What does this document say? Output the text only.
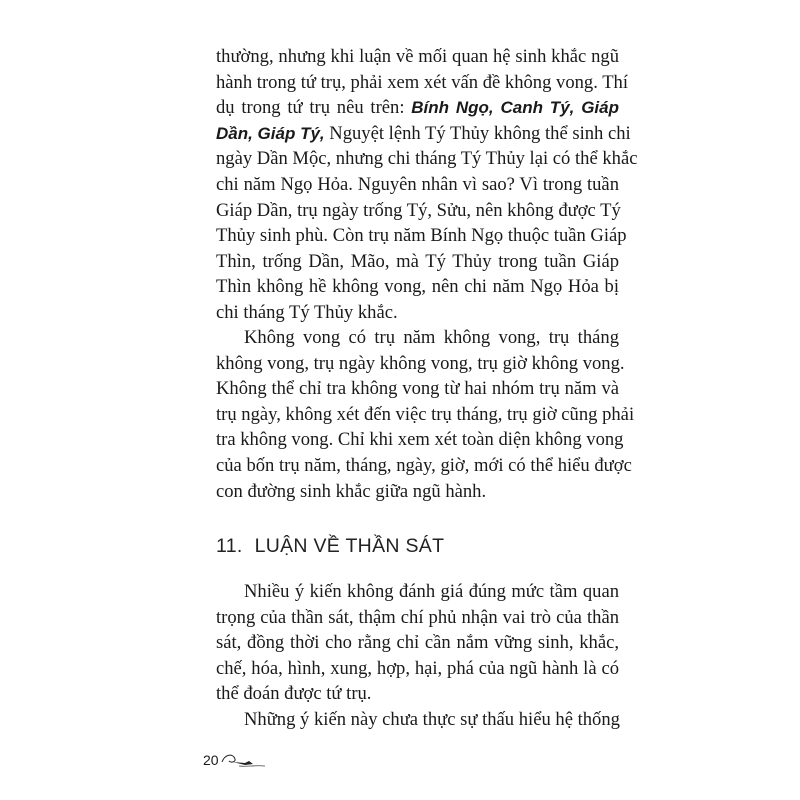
thường, nhưng khi luận về mối quan hệ sinh khắc ngũ
hành trong tứ trụ, phải xem xét vấn đề không vong. Thí
dụ trong tứ trụ nêu trên: Bính Ngọ, Canh Tý, Giáp
Dần, Giáp Tý, Nguyệt lệnh Tý Thủy không thể sinh chi
ngày Dần Mộc, nhưng chi tháng Tý Thủy lại có thể khắc
chi năm Ngọ Hỏa. Nguyên nhân vì sao? Vì trong tuần
Giáp Dần, trụ ngày trống Tý, Sửu, nên không được Tý
Thủy sinh phù. Còn trụ năm Bính Ngọ thuộc tuần Giáp
Thìn, trống Dần, Mão, mà Tý Thủy trong tuần Giáp
Thìn không hề không vong, nên chi năm Ngọ Hỏa bị
chi tháng Tý Thủy khắc.
Không vong có trụ năm không vong, trụ tháng
không vong, trụ ngày không vong, trụ giờ không vong.
Không thể chỉ tra không vong từ hai nhóm trụ năm và
trụ ngày, không xét đến việc trụ tháng, trụ giờ cũng phải
tra không vong. Chỉ khi xem xét toàn diện không vong
của bốn trụ năm, tháng, ngày, giờ, mới có thể hiểu được
con đường sinh khắc giữa ngũ hành.
11. LUẬN VỀ THẦN SÁT
Nhiều ý kiến không đánh giá đúng mức tầm quan
trọng của thần sát, thậm chí phủ nhận vai trò của thần
sát, đồng thời cho rằng chỉ cần nắm vững sinh, khắc,
chế, hóa, hình, xung, hợp, hại, phá của ngũ hành là có
thể đoán được tứ trụ.
Những ý kiến này chưa thực sự thấu hiểu hệ thống
20
